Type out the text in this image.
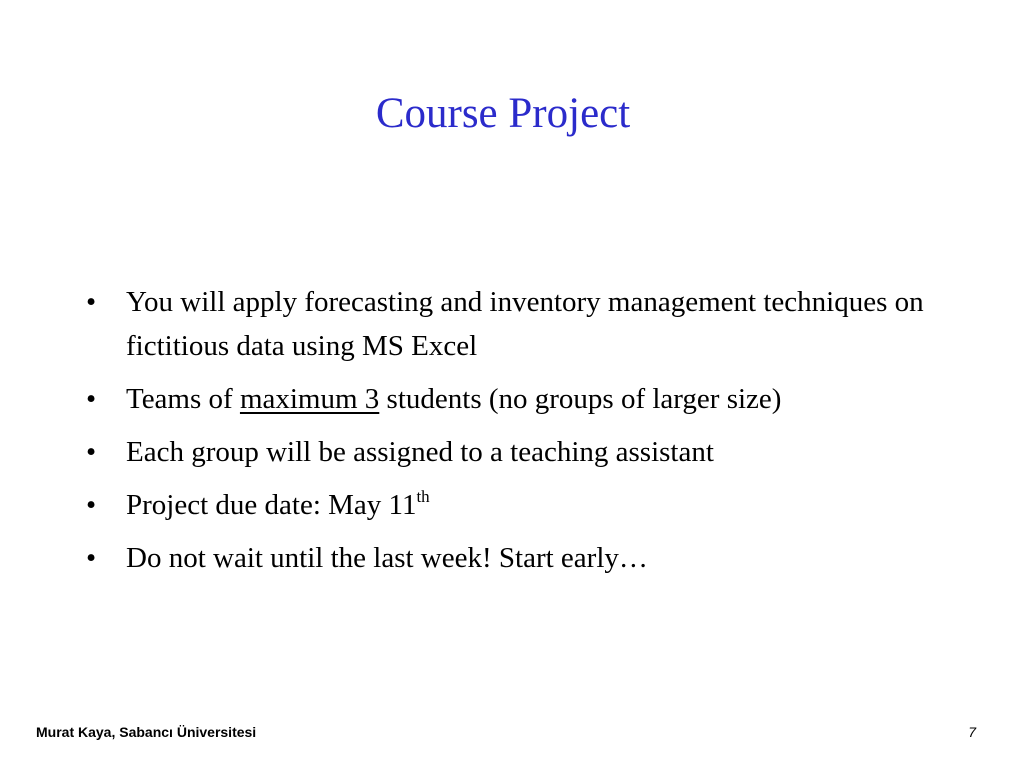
Course Project
•	You will apply forecasting and inventory management techniques on fictitious data using MS Excel
•	Teams of maximum 3 students (no groups of larger size)
•	Each group will be assigned to a teaching assistant
•	Project due date: May 11th
•	Do not wait until the last week! Start early…
Murat Kaya, Sabancı Üniversitesi	7
